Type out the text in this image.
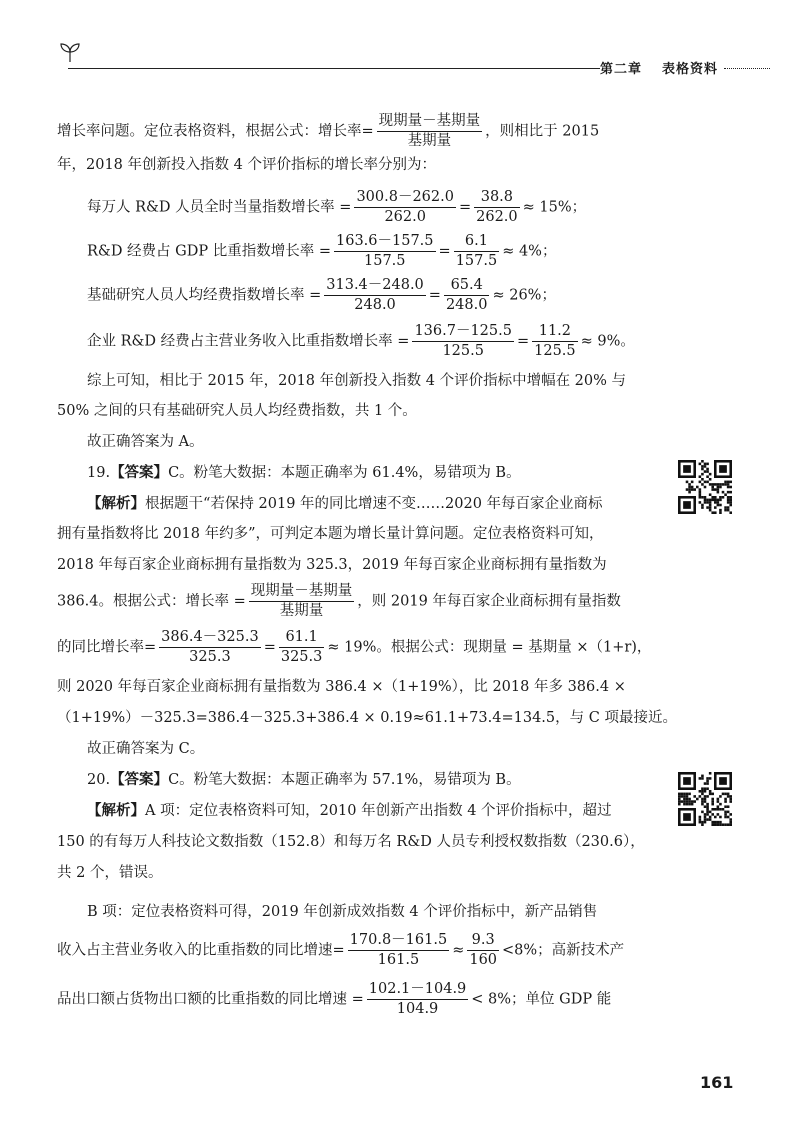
第二章 表格资料
增长率问题。定位表格资料，根据公式：增长率= $\frac{\text{现期量－基期量}}{\text{基期量}}$ ，则相比于 2015
年，2018 年创新投入指数 4 个评价指标的增长率分别为：
每万人 R&D 人员全时当量指数增长率 = $\frac{300.8-262.0}{262.0} = \frac{38.8}{262.0} \approx 15\%$；
R&D 经费占 GDP 比重指数增长率 = $\frac{163.6-157.5}{157.5} = \frac{6.1}{157.5} \approx 4\%$；
基础研究人员人均经费指数增长率 = $\frac{313.4-248.0}{248.0} = \frac{65.4}{248.0} \approx 26\%$；
企业 R&D 经费占主营业务收入比重指数增长率 = $\frac{136.7-125.5}{125.5} = \frac{11.2}{125.5} \approx 9\%$。
综上可知，相比于 2015 年，2018 年创新投入指数 4 个评价指标中增幅在 20% 与
50% 之间的只有基础研究人员人均经费指数，共 1 个。
故正确答案为 A。
19.【答案】C。粉笔大数据：本题正确率为 61.4%，易错项为 B。
【解析】根据题干“若保持 2019 年的同比增速不变……2020 年每百家企业商标
拥有量指数将比 2018 年约多”，可判定本题为增长量计算问题。定位表格资料可知，
2018 年每百家企业商标拥有量指数为 325.3，2019 年每百家企业商标拥有量指数为
386.4。根据公式：增长率 = $\frac{\text{现期量－基期量}}{\text{基期量}}$ ，则 2019 年每百家企业商标拥有量指数
的同比增长率= $\frac{386.4-325.3}{325.3} = \frac{61.1}{325.3} \approx 19\%$。根据公式：现期量 = 基期量 ×（1+r)，
则 2020 年每百家企业商标拥有量指数为 386.4 ×（1+19%），比 2018 年多 386.4 ×
（1+19%）－325.3=386.4－325.3+386.4 × 0.19≈61.1+73.4=134.5，与 C 项最接近。
故正确答案为 C。
20.【答案】C。粉笔大数据：本题正确率为 57.1%，易错项为 B。
【解析】A 项：定位表格资料可知，2010 年创新产出指数 4 个评价指标中，超过
150 的有每万人科技论文数指数（152.8）和每万名 R&D 人员专利授权数指数（230.6），
共 2 个，错误。
B 项：定位表格资料可得，2019 年创新成效指数 4 个评价指标中，新产品销售
收入占主营业务收入的比重指数的同比增速= $\frac{170.8-161.5}{161.5} \approx \frac{9.3}{160} <8\%$；高新技术产
品出口额占货物出口额的比重指数的同比增速 = $\frac{102.1-104.9}{104.9} < 8\%$；单位 GDP 能
161
